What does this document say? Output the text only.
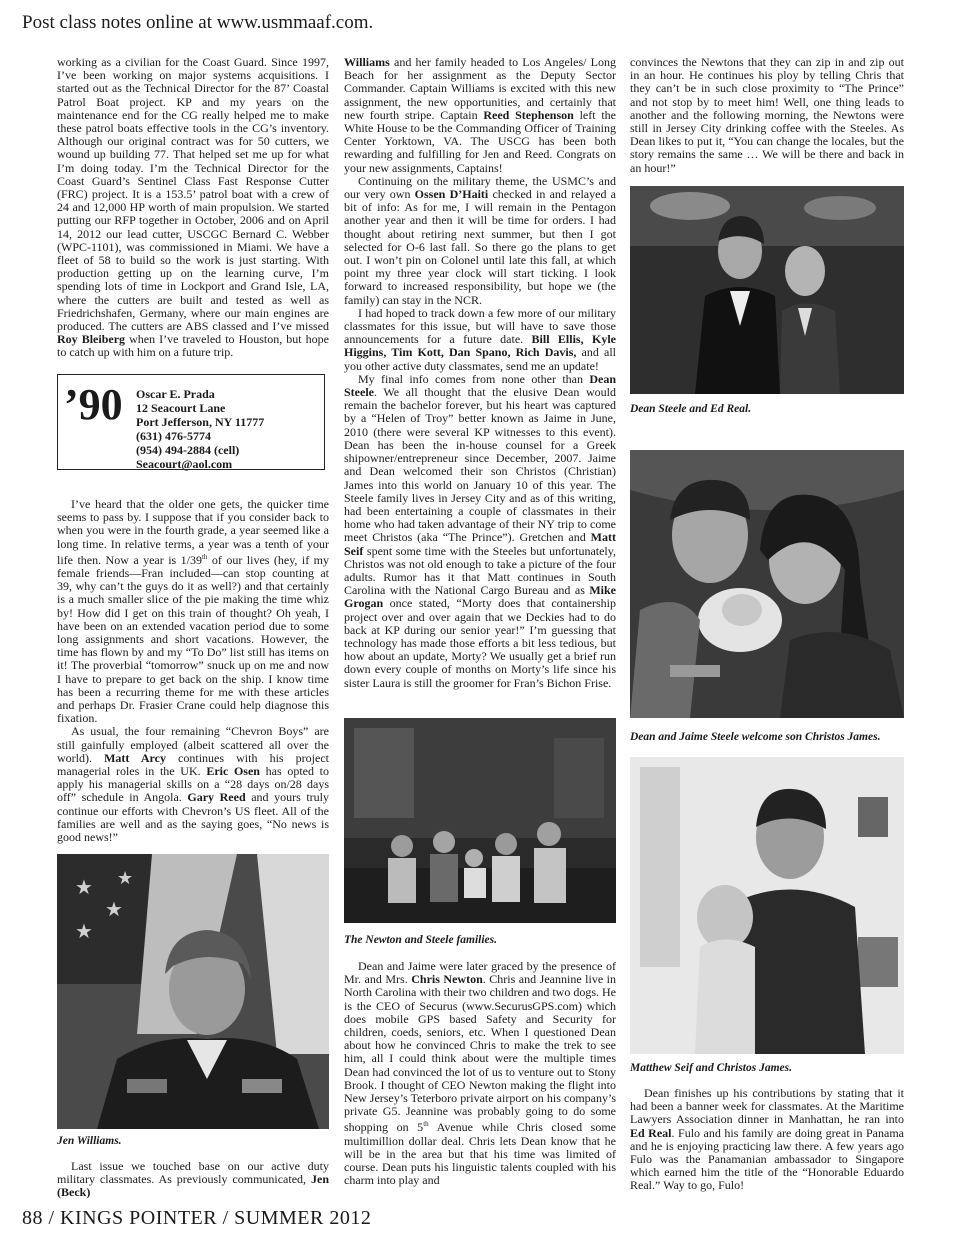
Post class notes online at www.usmmaaf.com.

working as a civilian for the Coast Guard. Since 1997, I’ve been working on major systems acquisitions. I started out as the Technical Director for the 87’ Coastal Patrol Boat project. KP and my years on the maintenance end for the CG really helped me to make these patrol boats effective tools in the CG’s inventory. Although our original contract was for 50 cutters, we wound up building 77. That helped set me up for what I’m doing today. I’m the Technical Director for the Coast Guard’s Sentinel Class Fast Response Cutter (FRC) project. It is a 153.5’ patrol boat with a crew of 24 and 12,000 HP worth of main propulsion. We started putting our RFP together in October, 2006 and on April 14, 2012 our lead cutter, USCGC Bernard C. Webber (WPC-1101), was commissioned in Miami. We have a fleet of 58 to build so the work is just starting. With production getting up on the learning curve, I’m spending lots of time in Lockport and Grand Isle, LA, where the cutters are built and tested as well as Friedrichshafen, Germany, where our main engines are produced. The cutters are ABS classed and I’ve missed Roy Bleiberg when I’ve traveled to Houston, but hope to catch up with him on a future trip.

’90 Oscar E. Prada
12 Seacourt Lane
Port Jefferson, NY 11777
(631) 476-5774
(954) 494-2884 (cell)
Seacourt@aol.com

I’ve heard that the older one gets, the quicker time seems to pass by. I suppose that if you consider back to when you were in the fourth grade, a year seemed like a long time. In relative terms, a year was a tenth of your life then. Now a year is 1/39th of our lives (hey, if my female friends—Fran included—can stop counting at 39, why can’t the guys do it as well?) and that certainly is a much smaller slice of the pie making the time whiz by! How did I get on this train of thought? Oh yeah, I have been on an extended vacation period due to some long assignments and short vacations. However, the time has flown by and my “To Do” list still has items on it! The proverbial “tomorrow” snuck up on me and now I have to prepare to get back on the ship. I know time has been a recurring theme for me with these articles and perhaps Dr. Frasier Crane could help diagnose this fixation.

As usual, the four remaining “Chevron Boys” are still gainfully employed (albeit scattered all over the world). Matt Arcy continues with his project managerial roles in the UK. Eric Osen has opted to apply his managerial skills on a “28 days on/28 days off” schedule in Angola. Gary Reed and yours truly continue our efforts with Chevron’s US fleet. All of the families are well and as the saying goes, “No news is good news!”

★
★
★
★
Jen Williams.

Last issue we touched base on our active duty military classmates. As previously communicated, Jen (Beck)

Williams and her family headed to Los Angeles/ Long Beach for her assignment as the Deputy Sector Commander. Captain Williams is excited with this new assignment, the new opportunities, and certainly that new fourth stripe. Captain Reed Stephenson left the White House to be the Commanding Officer of Training Center Yorktown, VA. The USCG has been both rewarding and fulfilling for Jen and Reed. Congrats on your new assignments, Captains!

Continuing on the military theme, the USMC’s and our very own Ossen D’Haiti checked in and relayed a bit of info: As for me, I will remain in the Pentagon another year and then it will be time for orders. I had thought about retiring next summer, but then I got selected for O-6 last fall. So there go the plans to get out. I won’t pin on Colonel until late this fall, at which point my three year clock will start ticking. I look forward to increased responsibility, but hope we (the family) can stay in the NCR.

I had hoped to track down a few more of our military classmates for this issue, but will have to save those announcements for a future date. Bill Ellis, Kyle Higgins, Tim Kott, Dan Spano, Rich Davis, and all you other active duty classmates, send me an update!

My final info comes from none other than Dean Steele. We all thought that the elusive Dean would remain the bachelor forever, but his heart was captured by a “Helen of Troy” better known as Jaime in June, 2010 (there were several KP witnesses to this event). Dean has been the in-house counsel for a Greek shipowner/entrepreneur since December, 2007. Jaime and Dean welcomed their son Christos (Christian) James into this world on January 10 of this year. The Steele family lives in Jersey City and as of this writing, had been entertaining a couple of classmates in their home who had taken advantage of their NY trip to come meet Christos (aka “The Prince”). Gretchen and Matt Seif spent some time with the Steeles but unfortunately, Christos was not old enough to take a picture of the four adults. Rumor has it that Matt continues in South Carolina with the National Cargo Bureau and as Mike Grogan once stated, “Morty does that containership project over and over again that we Deckies had to do back at KP during our senior year!” I’m guessing that technology has made those efforts a bit less tedious, but how about an update, Morty? We usually get a brief run down every couple of months on Morty’s life since his sister Laura is still the groomer for Fran’s Bichon Frise.

The Newton and Steele families.

Dean and Jaime were later graced by the presence of Mr. and Mrs. Chris Newton. Chris and Jeannine live in North Carolina with their two children and two dogs. He is the CEO of Securus (www.SecurusGPS.com) which does mobile GPS based Safety and Security for children, coeds, seniors, etc. When I questioned Dean about how he convinced Chris to make the trek to see him, all I could think about were the multiple times Dean had convinced the lot of us to venture out to Stony Brook. I thought of CEO Newton making the flight into New Jersey’s Teterboro private airport on his company’s private G5. Jeannine was probably going to do some shopping on 5th Avenue while Chris closed some multimillion dollar deal. Chris lets Dean know that he will be in the area but that his time was limited of course. Dean puts his linguistic talents coupled with his charm into play and

convinces the Newtons that they can zip in and zip out in an hour. He continues his ploy by telling Chris that they can’t be in such close proximity to “The Prince” and not stop by to meet him! Well, one thing leads to another and the following morning, the Newtons were still in Jersey City drinking coffee with the Steeles. As Dean likes to put it, “You can change the locales, but the story remains the same … We will be there and back in an hour!”

Dean Steele and Ed Real.
Dean and Jaime Steele welcome son Christos James.
Matthew Seif and Christos James.

Dean finishes up his contributions by stating that it had been a banner week for classmates. At the Maritime Lawyers Association dinner in Manhattan, he ran into Ed Real. Fulo and his family are doing great in Panama and he is enjoying practicing law there. A few years ago Fulo was the Panamanian ambassador to Singapore which earned him the title of the “Honorable Eduardo Real.” Way to go, Fulo!

88 / KINGS POINTER / SUMMER 2012
